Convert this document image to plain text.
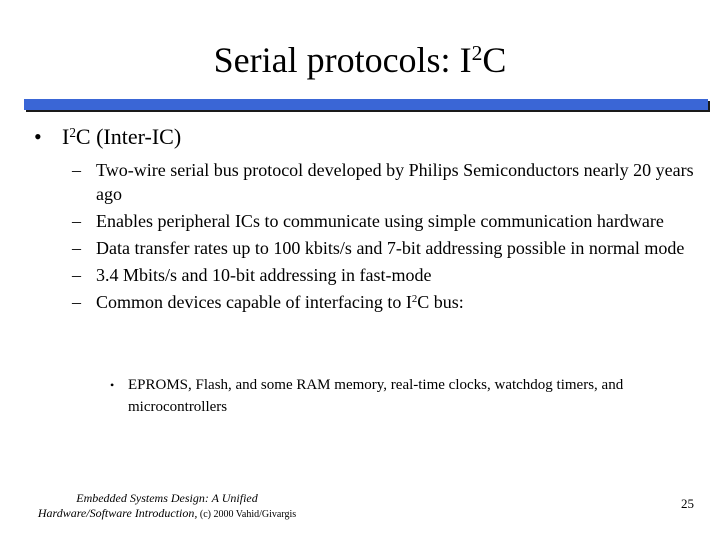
Serial protocols: $I^2C$
• $I^2C$ (Inter-IC)
– Two-wire serial bus protocol developed by Philips Semiconductors nearly 20 years ago
– Enables peripheral ICs to communicate using simple communication hardware
– Data transfer rates up to 100 kbits/s and 7-bit addressing possible in normal mode
– 3.4 Mbits/s and 10-bit addressing in fast-mode
– Common devices capable of interfacing to $I^2C$ bus:
• EPROMS, Flash, and some RAM memory, real-time clocks, watchdog timers, and microcontrollers
Embedded Systems Design: A Unified
Hardware/Software Introduction, (c) 2000 Vahid/Givargis
25
